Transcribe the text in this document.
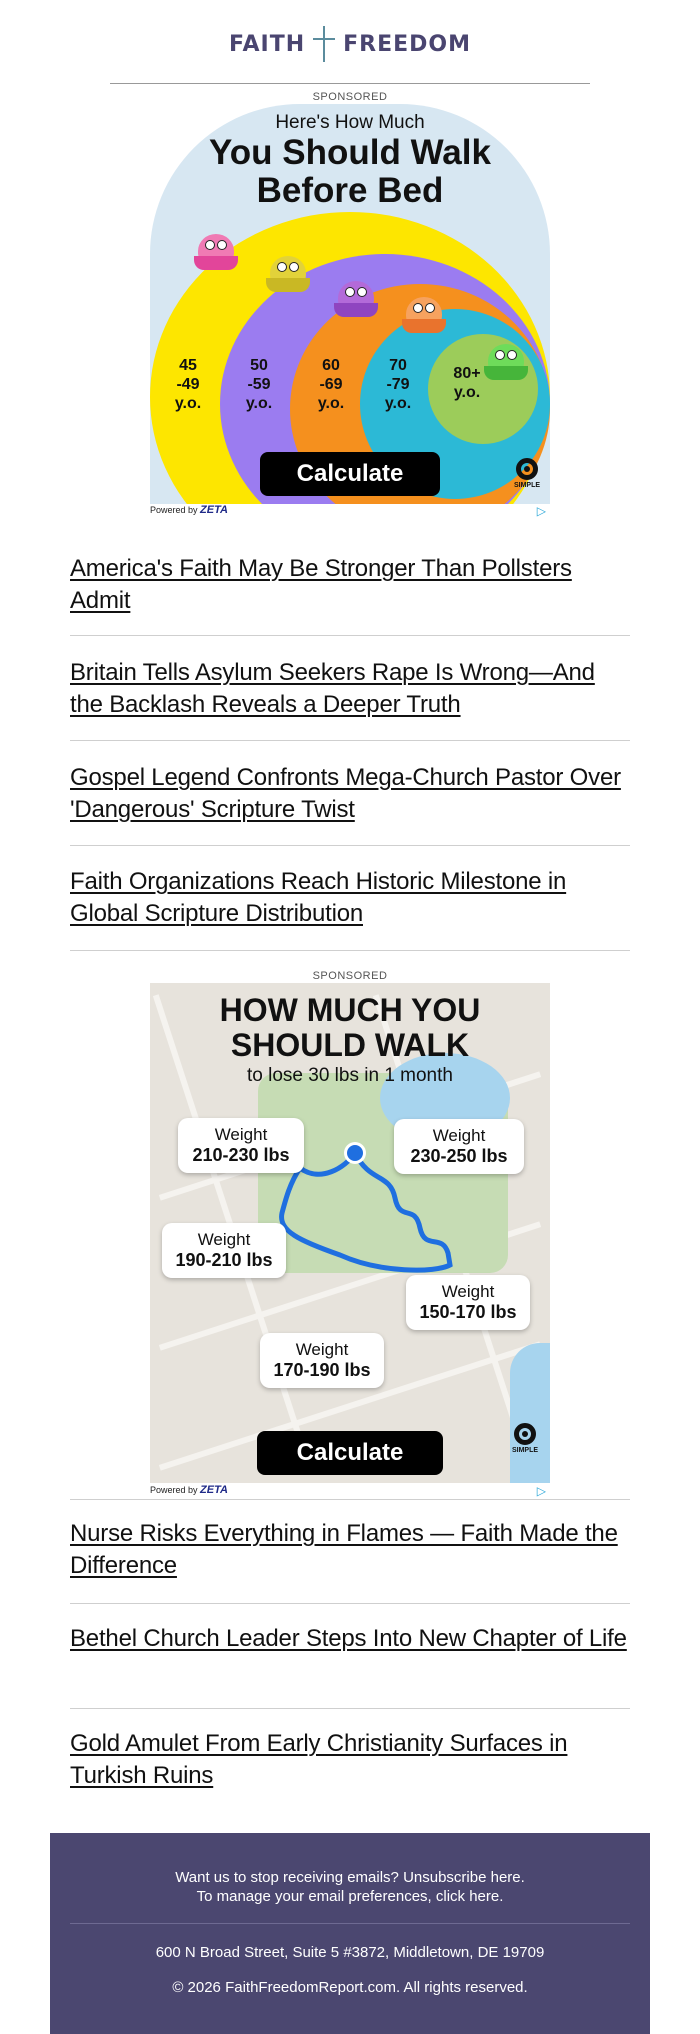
FAITH FREEDOM
SPONSORED
Here's How Much
You Should Walk
Before Bed
45
-49
y.o.
50
-59
y.o.
60
-69
y.o.
70
-79
y.o.
80+
y.o.
Calculate	SIMPLE
Powered by ZETA	▷
America's Faith May Be Stronger Than Pollsters Admit
Britain Tells Asylum Seekers Rape Is Wrong—And the Backlash Reveals a Deeper Truth
Gospel Legend Confronts Mega-Church Pastor Over 'Dangerous' Scripture Twist
Faith Organizations Reach Historic Milestone in Global Scripture Distribution
SPONSORED
HOW MUCH YOU
SHOULD WALK
to lose 30 lbs in 1 month
Weight
210-230 lbs
Weight
230-250 lbs
Weight
190-210 lbs
Weight
150-170 lbs
Weight
170-190 lbs
Calculate	SIMPLE
Powered by ZETA	▷
Nurse Risks Everything in Flames — Faith Made the Difference
Bethel Church Leader Steps Into New Chapter of Life
Gold Amulet From Early Christianity Surfaces in Turkish Ruins
Want us to stop receiving emails? Unsubscribe here.
To manage your email preferences, click here.
600 N Broad Street, Suite 5 #3872, Middletown, DE 19709
© 2026 FaithFreedomReport.com. All rights reserved.
